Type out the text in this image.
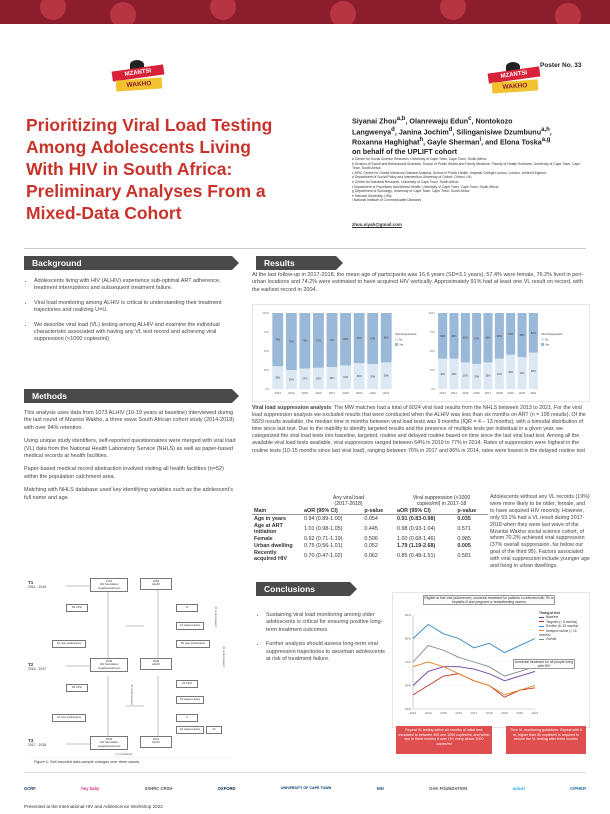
MZANTSI
WAKHO
MZANTSI
WAKHO
Poster No. 33
Prioritizing Viral Load Testing
Among Adolescents Living
With HIV in South Africa:
Preliminary Analyses From a
Mixed-Data Cohort
Siyanai Zhou$^{a,b}$, Olanrewaju Edun$^c$, Nontokozo
Langwenya$^d$, Janina Jochim$^d$, Silinganisiwe Dzumbunu$^{a,h}$,
Roxanna Haghighat$^h$, Gayle Sherman$^i$, and Elona Toska$^{a,g}$
on behalf of the UPLIFT cohort
a Centre for Social Science Research, University of Cape Town, Cape Town, South Africa;
b Division of Social and Behavioural Sciences, School of Public Health and Family Medicine, Faculty of Health Sciences, University of Cape Town, Cape Town, South Africa;
c MRC Centre for Global Infectious Disease Analysis, School of Public Health, Imperial College London, London, United Kingdom;
d Department of Social Policy and Intervention University of Oxford, Oxford, UK;
e Centre for Actuarial Research, University of Cape Town, South Africa;
f Department of Psychiatry and Mental Health, University of Cape Town, Cape Town, South Africa;
g Department of Sociology, University of Cape Town, Cape Town, South Africa;
h Harvard University, USA;
i National Institute of Communicable Diseases
zhou.siyah@gmail.com
Background
• Adolescents living with HIV (ALHIV) experience sub-optimal ART adherence, treatment interruptions and subsequent treatment failure.
• Viral load monitoring among ALHIV is critical to understanding their treatment trajectories and realizing U=U.
• We describe viral load (VL) testing among ALHIV and examine the individual characteristic associated with having any VL test record and achieving viral suppression (<1000 copies/ml)
Methods

This analysis uses data from 1073 ALHIV (10-19 years at baseline) interviewed during the last round of Mzantsi Wakho, a three wave South African cohort study (2014-2018) with over 94% retention.

Using unique study identifiers, self-reported questionnaires were merged with viral load (VL) data from the National Health Laboratory Service (NHLS) as well as paper-based medical records at health facilities.

Paper-based medical record abstraction involved visiting all health facilities (n=52) within the population catchment area.

Matching with NHLS database used key identifying variables such as the adolescent's full name and age.

T1
2014 - 2015
T2
2016 - 2017
T3
2017 - 2018
1176
HIV Serostatus
negative/unknown
1059
ALHIV
83 CPH	8
13 passed away
10 new participants	50 new participants
1049
HIV Serostatus
negative/unknown
1008
ALHIV
65 CPH
16 CPH
51 passed away
24 new participants	2
1043
HIV Serostatus
negative/unknown
1014
ALHIV
22 passed away	24
47 reinterviewed
31 reinterviewed
44 reinterviewed
1 unmatched
Figure 1: Self-reported data sample changes over three waves
Results
At the last follow-up in 2017-2018, the mean age of participants was 16.6 years (SD=3.1 years), 57.4% were female, 76.2% lived in peri-urban locations and 74.2% were estimated to have acquired HIV vertically. Approximately 91% had at least one VL result on record, with the earliest record in 2004.
0%
25%
50%
75%
100%
30%
70%
2013
25%
75%
2014
27%
73%
2015
28%
72%
2016
29%
71%
2017
31%
69%
2018
34%
66%
2019
33%
67%
2020
35%
65%
2021
Viral Suppressed
No
Yes
0%
25%
50%
75%
100%
40%
60%
2013
40%
60%
2014
35%
65%
2015
33%
67%
2016
35%
65%
2017
40%
60%
2018
45%
55%
2019
42%
58%
2020
48%
52%
2021
Viral Suppressed
No
Yes
Viral load suppression analysis: The MW matches had a total of 6024 viral load results from the NHLS between 2013 to 2021. For the viral load suppression analysis we excluded results that were conducted when the ALHIV was less than six months on ART (n = 195 results). Of the 5829 results available, the median time in months between viral load tests was 9 months (IQR = 4 – 13 months), with a bimodal distribution of time since last test. Due to the inability to identify targeted results and the presence of multiple tests per individual in a given year, we categorized the viral load tests into baseline, targeted, routine and delayed routine based on time since the last viral load test. Among all the available viral load tests available, viral suppression ranged between 64% in 2019 to 77% in 2014. Rates of suppression were highest in the routine tests (10-15 months since last viral load), ranging between 76% in 2017 and 86% in 2014, rates were lowest in the delayed routine test
	Any viral load
(2017-2018)		Viral suppression (<1000
copies/ml) in 2017-18	
Main	aOR (95% CI)	p-value	aOR (95% CI)	p-value
Age in years	0.94 (0.89-1.00)	0.054	0.91 (0.83-0.98)	0.035
Age at ART initiation	1.01 (0.98-1.05)	0.445	0.98 (0.93-1.04)	0.571
Female	0.92 (0.71-1.19)	0.506	1.00 (0.68-1.46)	0.985
Urban dwelling	0.75 (0.56-1.01)	0.052	1.79 (1.19-2.68)	0.005
Recently acquired HIV	0.70 (0.47-1.02)	0.062	0.85 (0.48-1.51)	0.581
Adolescents without any VL records (19%) were more likely to be older, female, and to have acquired HIV recently. However, only 53.1% had a VL result during 2017-2018 when they were last wave of the Mzantsi Wakho social science cohort, of whom 70.2% achieved viral suppression (37% overall suppression, far below our goal of the third 95). Factors associated with viral suppression include younger age and living in urban dwellings.
Conclusions
• Sustaining viral load monitoring among older adolescents is critical for ensuring positive long-term treatment outcomes.
• Further analysis should assess long-term viral suppression trajectories to ascertain adolescents at risk of treatment failure.
Eligible at first visit (adherence), universal treatment for patients co-infected with TB or hepatitis B and pregnant or breastfeeding women
50%
60%
70%
80%
90%
2013	2014	2015	2016	2017	2018	2019	2020	2021
Universal treatment for all people living with HIV
Timing of test
Baseline
Targeted (< 6 months)
Routine (6–15 months)
Delayed routine (> 15 months)
Overall
Repeat VL testing within six months of initial test; escalated to between 400 and 1000 copies/ml, and within two to three months if over 1%; every above 1000 copies/ml
Time VL monitoring guidelines. Repeat with 6 m, higher than 50 copies/ml is required to ensure the VL testing after three months
GCRF	hey baby	SSHRC CRSH	OXFORD	UNIVERSITY OF CAPE TOWN	NIH	OAK FOUNDATION	unicef	CIPHER
Presented at the International HIV and Adolescence Workshop 2022
